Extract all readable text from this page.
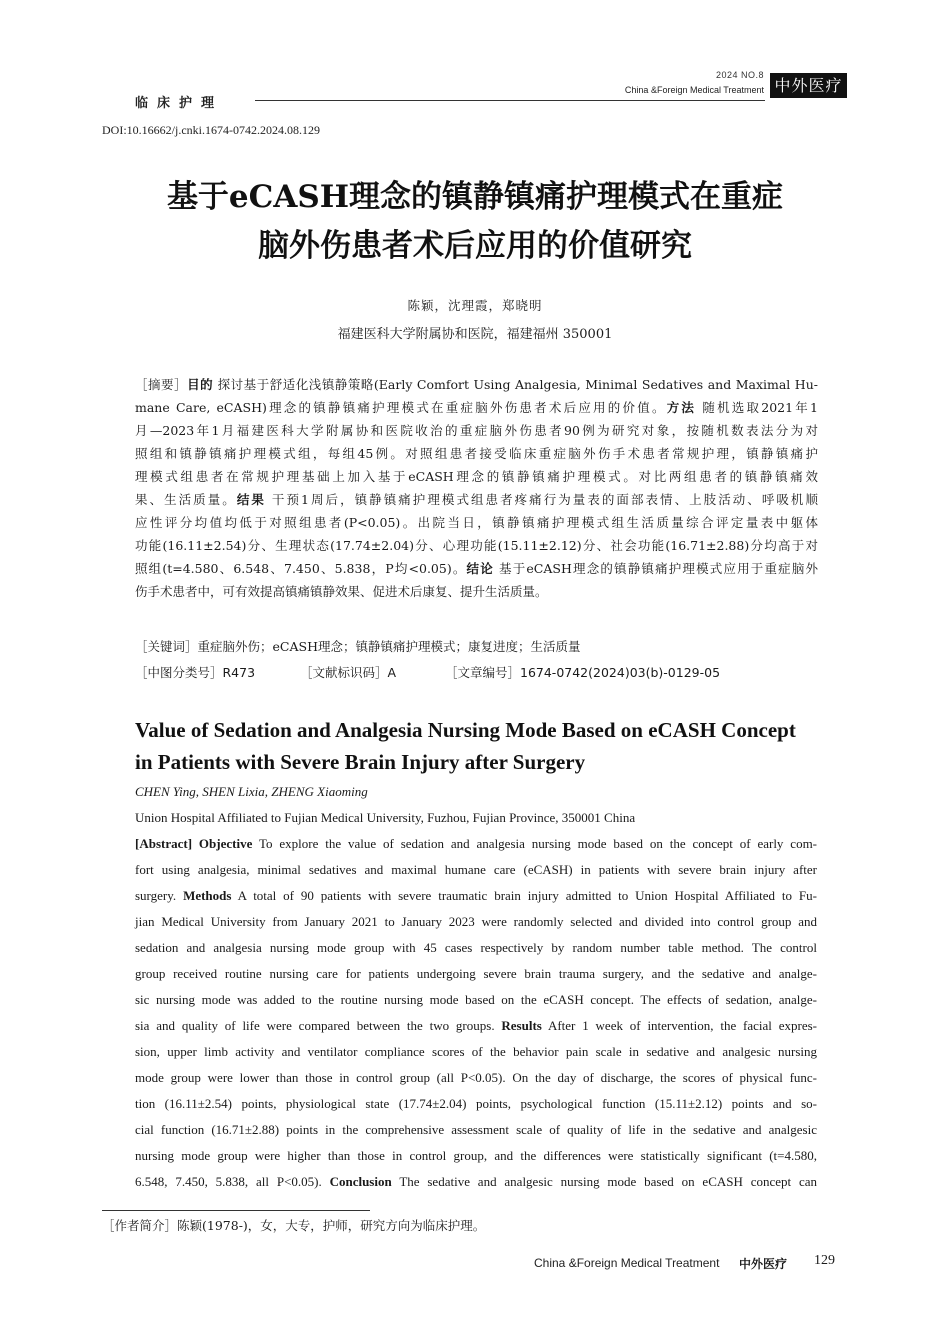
临床护理
2024 NO.8
China &Foreign Medical Treatment 中外医疗
DOI:10.16662/j.cnki.1674-0742.2024.08.129
基于eCASH理念的镇静镇痛护理模式在重症
脑外伤患者术后应用的价值研究
陈颖，沈理霞，郑晓明
福建医科大学附属协和医院，福建福州 350001
［摘要］目的 探讨基于舒适化浅镇静策略(Early Comfort Using Analgesia, Minimal Sedatives and Maximal Hu-
mane Care, eCASH)理念的镇静镇痛护理模式在重症脑外伤患者术后应用的价值。方法 随机选取2021年1
月—2023年1月福建医科大学附属协和医院收治的重症脑外伤患者90例为研究对象，按随机数表法分为对
照组和镇静镇痛护理模式组，每组45例。对照组患者接受临床重症脑外伤手术患者常规护理，镇静镇痛护
理模式组患者在常规护理基础上加入基于eCASH理念的镇静镇痛护理模式。对比两组患者的镇静镇痛效
果、生活质量。结果 干预1周后，镇静镇痛护理模式组患者疼痛行为量表的面部表情、上肢活动、呼吸机顺
应性评分均值均低于对照组患者(P<0.05)。出院当日，镇静镇痛护理模式组生活质量综合评定量表中躯体
功能(16.11±2.54)分、生理状态(17.74±2.04)分、心理功能(15.11±2.12)分、社会功能(16.71±2.88)分均高于对
照组(t=4.580、6.548、7.450、5.838，P均<0.05)。结论 基于eCASH理念的镇静镇痛护理模式应用于重症脑外
伤手术患者中，可有效提高镇痛镇静效果、促进术后康复、提升生活质量。
［关键词］重症脑外伤；eCASH理念；镇静镇痛护理模式；康复进度；生活质量
［中图分类号］R473	［文献标识码］A	［文章编号］1674-0742(2024)03(b)-0129-05
Value of Sedation and Analgesia Nursing Mode Based on eCASH Concept
in Patients with Severe Brain Injury after Surgery
CHEN Ying, SHEN Lixia, ZHENG Xiaoming
Union Hospital Affiliated to Fujian Medical University, Fuzhou, Fujian Province, 350001 China
[Abstract] Objective To explore the value of sedation and analgesia nursing mode based on the concept of early com-
fort using analgesia, minimal sedatives and maximal humane care (eCASH) in patients with severe brain injury after
surgery. Methods A total of 90 patients with severe traumatic brain injury admitted to Union Hospital Affiliated to Fu-
jian Medical University from January 2021 to January 2023 were randomly selected and divided into control group and
sedation and analgesia nursing mode group with 45 cases respectively by random number table method. The control
group received routine nursing care for patients undergoing severe brain trauma surgery, and the sedative and analge-
sic nursing mode was added to the routine nursing mode based on the eCASH concept. The effects of sedation, analge-
sia and quality of life were compared between the two groups. Results After 1 week of intervention, the facial expres-
sion, upper limb activity and ventilator compliance scores of the behavior pain scale in sedative and analgesic nursing
mode group were lower than those in control group (all P<0.05). On the day of discharge, the scores of physical func-
tion (16.11±2.54) points, physiological state (17.74±2.04) points, psychological function (15.11±2.12) points and so-
cial function (16.71±2.88) points in the comprehensive assessment scale of quality of life in the sedative and analgesic
nursing mode group were higher than those in control group, and the differences were statistically significant (t=4.580,
6.548, 7.450, 5.838, all P<0.05). Conclusion The sedative and analgesic nursing mode based on eCASH concept can
［作者简介］陈颖(1978-)，女，大专，护师，研究方向为临床护理。
China &Foreign Medical Treatment 中外医疗 129
